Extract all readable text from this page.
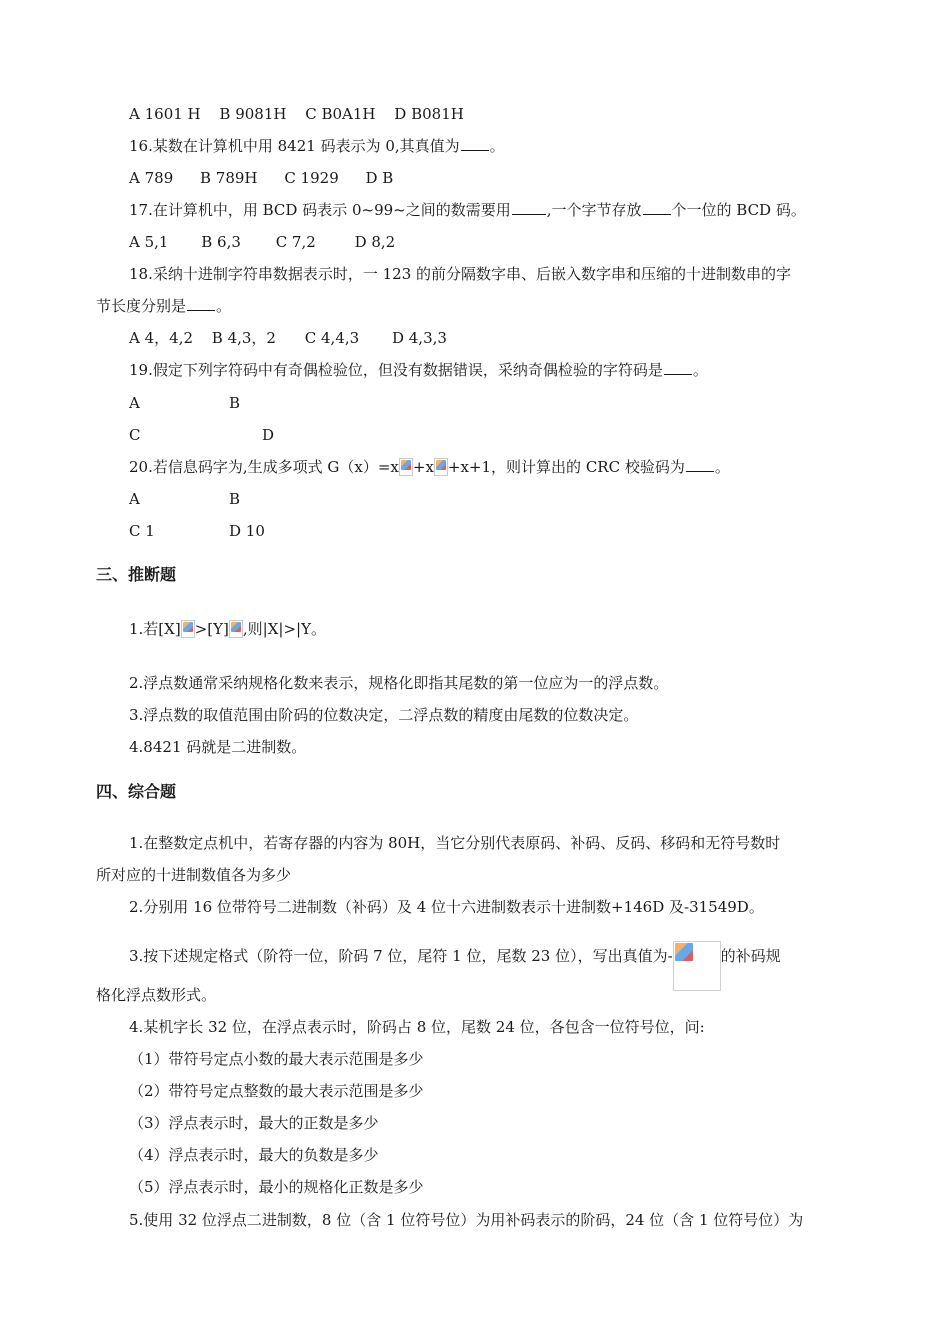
A 1601 H B 9081H C B0A1H D B081H
16.某数在计算机中用 8421 码表示为 0,其真值为 。
A 789 B 789H C 1929 D B
17.在计算机中，用 BCD 码表示 0~99~之间的数需要用 ,一个字节存放 个一位的 BCD 码。
A 5,1 B 6,3 C 7,2	D 8,2
18.采纳十进制字符串数据表示时，一 123 的前分隔数字串、后嵌入数字串和压缩的十进制数串的字
节长度分别是 。
A 4，4,2 B 4,3，2 C 4,4,3 D 4,3,3
19.假定下列字符码中有奇偶检验位，但没有数据错误，采纳奇偶检验的字符码是 。
A	B
C	D
20.若信息码字为,生成多项式 G（x）=x +x +x+1，则计算出的 CRC 校验码为 。
A	B
C 1	D 10
三、推断题
1.若[X] >[Y] ,则|X|>|Y。
2.浮点数通常采纳规格化数来表示，规格化即指其尾数的第一位应为一的浮点数。
3.浮点数的取值范围由阶码的位数决定，二浮点数的精度由尾数的位数决定。
4.8421 码就是二进制数。
四、综合题
1.在整数定点机中，若寄存器的内容为 80H，当它分别代表原码、补码、反码、移码和无符号数时
所对应的十进制数值各为多少
2.分别用 16 位带符号二进制数（补码）及 4 位十六进制数表示十进制数+146D 及-31549D。
3.按下述规定格式（阶符一位，阶码 7 位，尾符 1 位，尾数 23 位），写出真值为-	的补码规
格化浮点数形式。
4.某机字长 32 位，在浮点表示时，阶码占 8 位，尾数 24 位，各包含一位符号位，问:
（1）带符号定点小数的最大表示范围是多少
（2）带符号定点整数的最大表示范围是多少
（3）浮点表示时，最大的正数是多少
（4）浮点表示时，最大的负数是多少
（5）浮点表示时，最小的规格化正数是多少
5.使用 32 位浮点二进制数，8 位（含 1 位符号位）为用补码表示的阶码，24 位（含 1 位符号位）为
